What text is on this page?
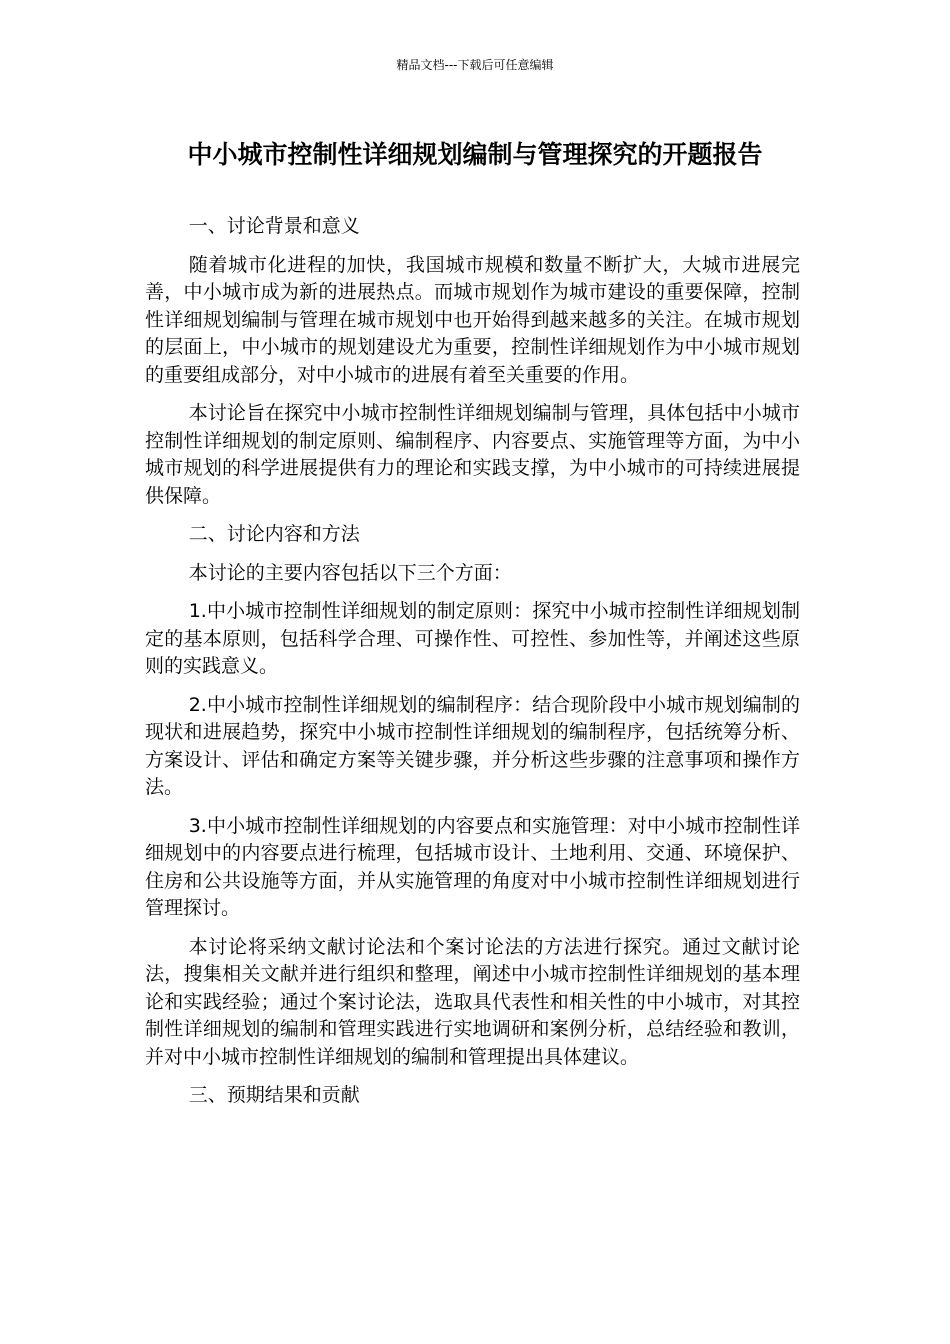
精品文档---下载后可任意编辑
中小城市控制性详细规划编制与管理探究的开题报告

一、讨论背景和意义

随着城市化进程的加快，我国城市规模和数量不断扩大，大城市进展完善，中小城市成为新的进展热点。而城市规划作为城市建设的重要保障，控制性详细规划编制与管理在城市规划中也开始得到越来越多的关注。在城市规划的层面上，中小城市的规划建设尤为重要，控制性详细规划作为中小城市规划的重要组成部分，对中小城市的进展有着至关重要的作用。

本讨论旨在探究中小城市控制性详细规划编制与管理，具体包括中小城市控制性详细规划的制定原则、编制程序、内容要点、实施管理等方面，为中小城市规划的科学进展提供有力的理论和实践支撑，为中小城市的可持续进展提供保障。

二、讨论内容和方法

本讨论的主要内容包括以下三个方面：

1.中小城市控制性详细规划的制定原则：探究中小城市控制性详细规划制定的基本原则，包括科学合理、可操作性、可控性、参加性等，并阐述这些原则的实践意义。

2.中小城市控制性详细规划的编制程序：结合现阶段中小城市规划编制的现状和进展趋势，探究中小城市控制性详细规划的编制程序，包括统筹分析、方案设计、评估和确定方案等关键步骤，并分析这些步骤的注意事项和操作方法。

3.中小城市控制性详细规划的内容要点和实施管理：对中小城市控制性详细规划中的内容要点进行梳理，包括城市设计、土地利用、交通、环境保护、住房和公共设施等方面，并从实施管理的角度对中小城市控制性详细规划进行管理探讨。

本讨论将采纳文献讨论法和个案讨论法的方法进行探究。通过文献讨论法，搜集相关文献并进行组织和整理，阐述中小城市控制性详细规划的基本理论和实践经验；通过个案讨论法，选取具代表性和相关性的中小城市，对其控制性详细规划的编制和管理实践进行实地调研和案例分析，总结经验和教训，并对中小城市控制性详细规划的编制和管理提出具体建议。

三、预期结果和贡献
